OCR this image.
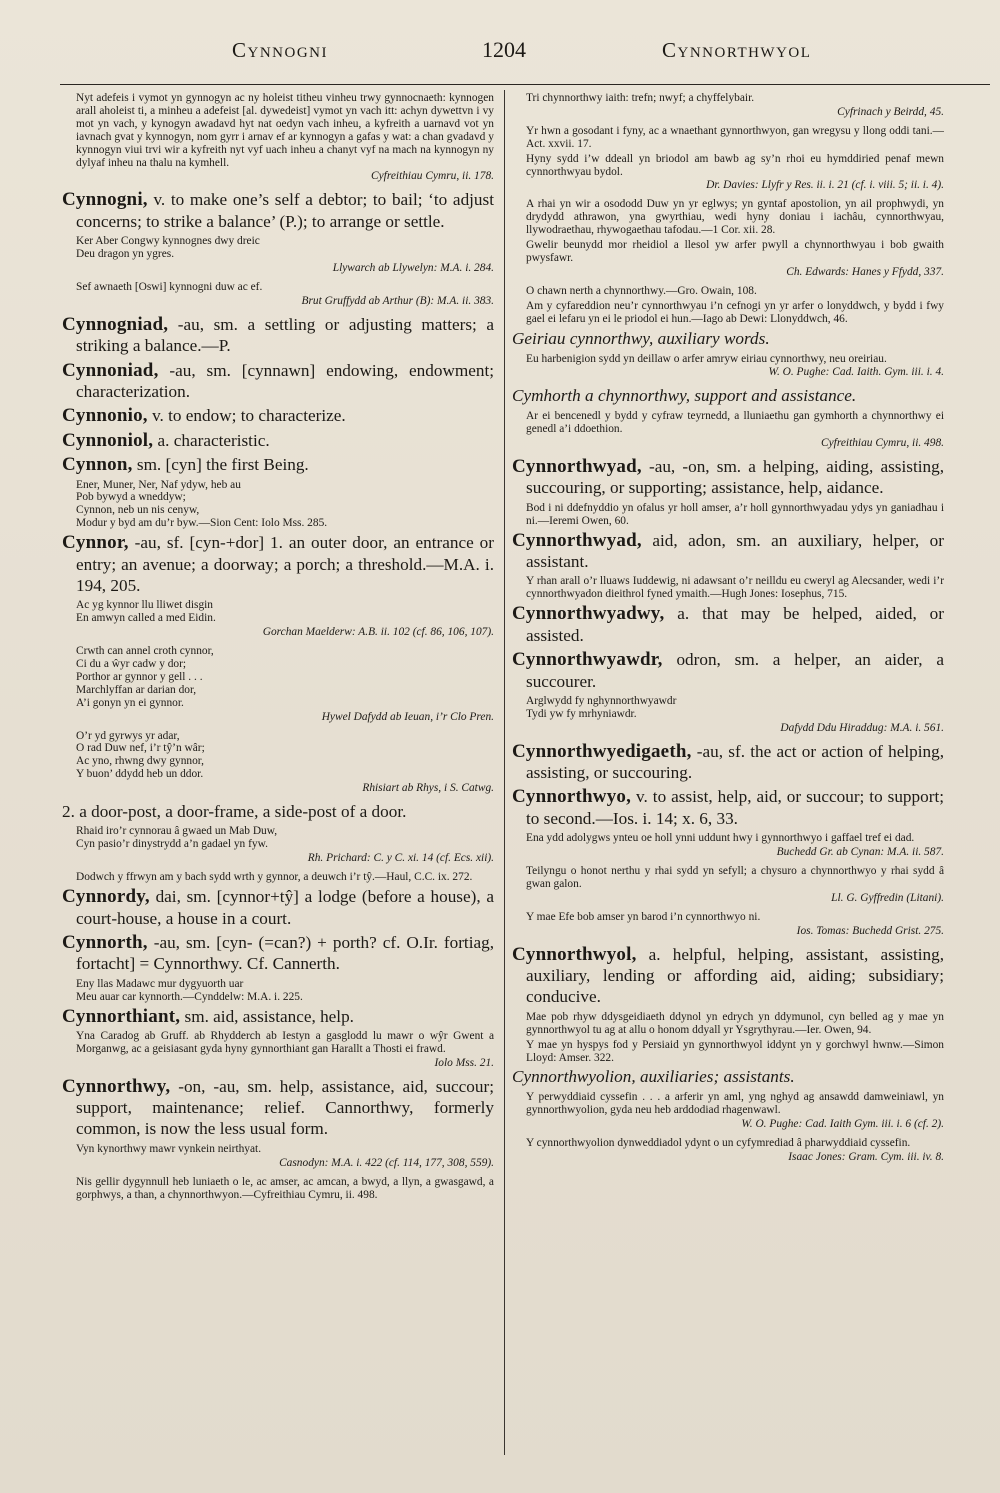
Cynnogni	1204	Cynnorthwyol
Nyt adefeis i vymot yn gynnogyn ac ny holeist titheu vinheu trwy gynnocnaeth: kynnogen arall aholeist ti, a minheu a adefeist [al. dywedeist] vymot yn vach itt: achyn dywettvn i vy mot yn vach, y kynogyn awadavd hyt nat oedyn vach inheu, a kyfreith a uarnavd vot yn iavnach gvat y kynnogyn, nom gyrr i arnav ef ar kynnogyn a gafas y wat: a chan gvadavd y kynnogyn viui trvi wir a kyfreith nyt vyf uach inheu a chanyt vyf na mach na kynnogyn ny dylyaf inheu na thalu na kymhell.
Cyfreithiau Cymru, ii. 178.
Cynnogni, v. to make one’s self a debtor; to bail; ‘to adjust concerns; to strike a balance’ (P.); to arrange or settle.
Ker Aber Congwy kynnognes dwy dreic
Deu dragon yn ygres.
Llywarch ab Llywelyn: M.A. i. 284.
Sef awnaeth [Oswi] kynnogni duw ac ef.
Brut Gruffydd ab Arthur (B): M.A. ii. 383.
Cynnogniad, -au, sm. a settling or adjusting matters; a striking a balance.—P.
Cynnoniad, -au, sm. [cynnawn] endowing, endowment; characterization.
Cynnonio, v. to endow; to characterize.
Cynnoniol, a. characteristic.
Cynnon, sm. [cyn] the first Being.
Ener, Muner, Ner, Naf ydyw, heb au
Pob bywyd a wneddyw;
Cynnon, neb un nis cenyw,
Modur y byd am du’r byw.—Sion Cent: Iolo Mss. 285.
Cynnor, -au, sf. [cyn-+dor] 1. an outer door, an entrance or entry; an avenue; a doorway; a porch; a threshold.—M.A. i. 194, 205.
Ac yg kynnor llu lliwet disgin
En amwyn called a med Eidin.
Gorchan Maelderw: A.B. ii. 102 (cf. 86, 106, 107).
Crwth can annel croth cynnor,
Ci du a ŵyr cadw y dor;
Porthor ar gynnor y gell . . .
Marchlyffan ar darian dor,
A’i gonyn yn ei gynnor.
Hywel Dafydd ab Ieuan, i’r Clo Pren.
O’r yd gyrwys yr adar,
O rad Duw nef, i’r tŷ’n wâr;
Ac yno, rhwng dwy gynnor,
Y buon’ ddydd heb un ddor.
Rhisiart ab Rhys, i S. Catwg.
2. a door-post, a door-frame, a side-post of a door.
Rhaid iro’r cynnorau â gwaed un Mab Duw,
Cyn pasio’r dinystrydd a’n gadael yn fyw.
Rh. Prichard: C. y C. xi. 14 (cf. Ecs. xii).
Dodwch y ffrwyn am y bach sydd wrth y gynnor, a deuwch i’r tŷ.—Haul, C.C. ix. 272.
Cynnordy, dai, sm. [cynnor+tŷ] a lodge (before a house), a court-house, a house in a court.
Cynnorth, -au, sm. [cyn- (=can?) + porth? cf. O.Ir. fortiag, fortacht] = Cynnorthwy. Cf. Cannerth.
Eny llas Madawc mur dygyuorth uar
Meu auar car kynnorth.—Cynddelw: M.A. i. 225.
Cynnorthiant, sm. aid, assistance, help.
Yna Caradog ab Gruff. ab Rhydderch ab Iestyn a gasglodd lu mawr o wŷr Gwent a Morganwg, ac a geisiasant gyda hyny gynnorthiant gan Harallt a Thosti ei frawd.
Iolo Mss. 21.
Cynnorthwy, -on, -au, sm. help, assistance, aid, succour; support, maintenance; relief. Cannorthwy, formerly common, is now the less usual form.
Vyn kynorthwy mawr vynkein neirthyat.
Casnodyn: M.A. i. 422 (cf. 114, 177, 308, 559).
Nis gellir dygynnull heb luniaeth o le, ac amser, ac amcan, a bwyd, a llyn, a gwasgawd, a gorphwys, a than, a chynnorthwyon.—Cyfreithiau Cymru, ii. 498.
Tri chynnorthwy iaith: trefn; nwyf; a chyffelybair.
Cyfrinach y Beirdd, 45.
Yr hwn a gosodant i fyny, ac a wnaethant gynnorthwyon, gan wregysu y llong oddi tani.—Act. xxvii. 17.
Hyny sydd i’w ddeall yn briodol am bawb ag sy’n rhoi eu hymddiried penaf mewn cynnorthwyau bydol.
Dr. Davies: Llyfr y Res. ii. i. 21 (cf. i. viii. 5; ii. i. 4).
A rhai yn wir a osododd Duw yn yr eglwys; yn gyntaf apostolion, yn ail prophwydi, yn drydydd athrawon, yna gwyrthiau, wedi hyny doniau i iachâu, cynnorthwyau, llywodraethau, rhywogaethau tafodau.—1 Cor. xii. 28.
Gwelir beunydd mor rheidiol a llesol yw arfer pwyll a chynnorthwyau i bob gwaith pwysfawr.
Ch. Edwards: Hanes y Ffydd, 337.
O chawn nerth a chynnorthwy.—Gro. Owain, 108.
Am y cyfareddion neu’r cynnorthwyau i’n cefnogi yn yr arfer o lonyddwch, y bydd i fwy gael ei lefaru yn ei le priodol ei hun.—Iago ab Dewi: Llonyddwch, 46.
Geiriau cynnorthwy, auxiliary words.
Eu harbenigion sydd yn deillaw o arfer amryw eiriau cynnorthwy, neu oreiriau.
W. O. Pughe: Cad. Iaith. Gym. iii. i. 4.
Cymhorth a chynnorthwy, support and assistance.
Ar ei bencenedl y bydd y cyfraw teyrnedd, a lluniaethu gan gymhorth a chynnorthwy ei genedl a’i ddoethion.
Cyfreithiau Cymru, ii. 498.
Cynnorthwyad, -au, -on, sm. a helping, aiding, assisting, succouring, or supporting; assistance, help, aidance.
Bod i ni ddefnyddio yn ofalus yr holl amser, a’r holl gynnorthwyadau ydys yn ganiadhau i ni.—Ieremi Owen, 60.
Cynnorthwyad, aid, adon, sm. an auxiliary, helper, or assistant.
Y rhan arall o’r lluaws Iuddewig, ni adawsant o’r neilldu eu cweryl ag Alecsander, wedi i’r cynnorthwyadon dieithrol fyned ymaith.—Hugh Jones: Iosephus, 715.
Cynnorthwyadwy, a. that may be helped, aided, or assisted.
Cynnorthwyawdr, odron, sm. a helper, an aider, a succourer.
Arglwydd fy nghynnorthwyawdr
Tydi yw fy mrhyniawdr.
Dafydd Ddu Hiraddug: M.A. i. 561.
Cynnorthwyedigaeth, -au, sf. the act or action of helping, assisting, or succouring.
Cynnorthwyo, v. to assist, help, aid, or succour; to support; to second.—Ios. i. 14; x. 6, 33.
Ena ydd adolygws ynteu oe holl ynni uddunt hwy i gynnorthwyo i gaffael tref ei dad.
Buchedd Gr. ab Cynan: M.A. ii. 587.
Teilyngu o honot nerthu y rhai sydd yn sefyll; a chysuro a chynnorthwyo y rhai sydd â gwan galon.
Ll. G. Gyffredin (Litani).
Y mae Efe bob amser yn barod i’n cynnorthwyo ni.
Ios. Tomas: Buchedd Grist. 275.
Cynnorthwyol, a. helpful, helping, assistant, assisting, auxiliary, lending or affording aid, aiding; subsidiary; conducive.
Mae pob rhyw ddysgeidiaeth ddynol yn edrych yn ddymunol, cyn belled ag y mae yn gynnorthwyol tu ag at allu o honom ddyall yr Ysgrythyrau.—Ier. Owen, 94.
Y mae yn hyspys fod y Persiaid yn gynnorthwyol iddynt yn y gorchwyl hwnw.—Simon Lloyd: Amser. 322.
Cynnorthwyolion, auxiliaries; assistants.
Y perwyddiaid cyssefin . . . a arferir yn aml, yng nghyd ag ansawdd damweiniawl, yn gynnorthwyolion, gyda neu heb arddodiad rhagenwawl.
W. O. Pughe: Cad. Iaith Gym. iii. i. 6 (cf. 2).
Y cynnorthwyolion dynweddiadol ydynt o un cyfymrediad â pharwyddiaid cyssefin.
Isaac Jones: Gram. Cym. iii. iv. 8.
